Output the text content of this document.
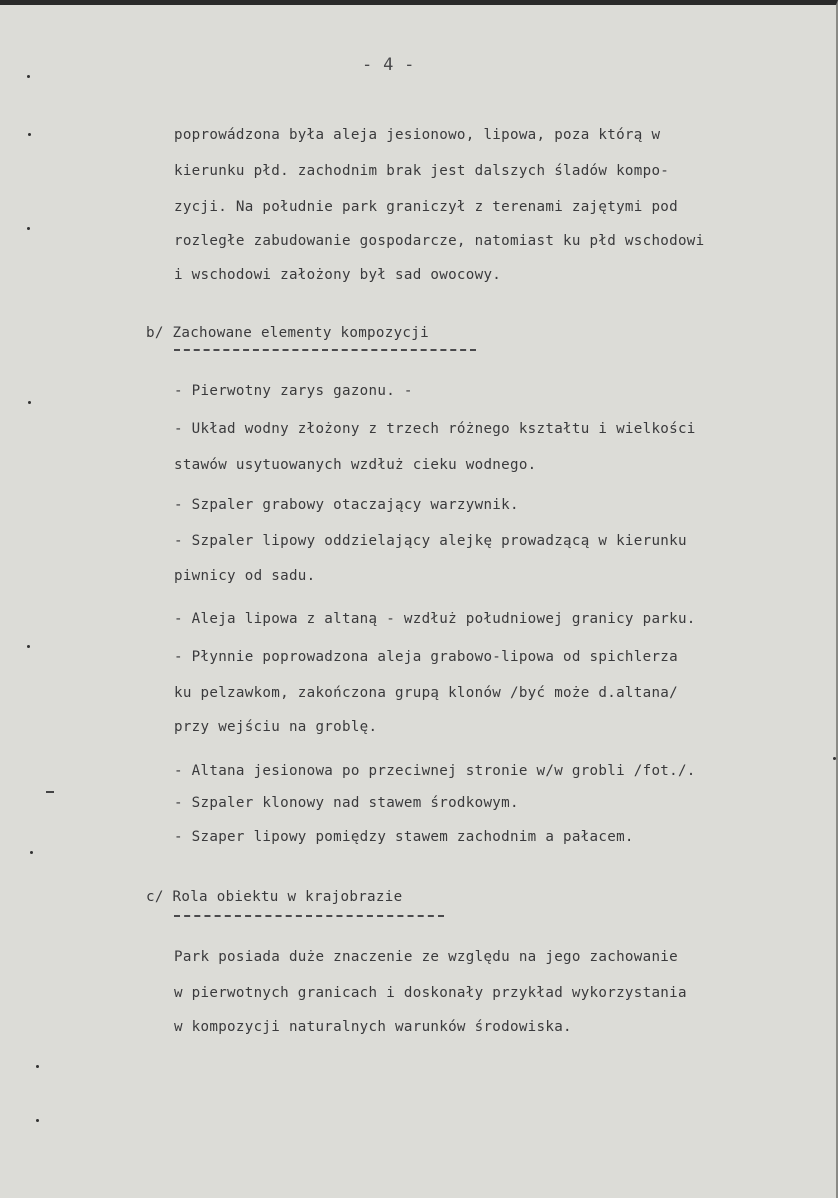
- 4 -
poprowádzona była aleja jesionowo, lipowa, poza którą w
kierunku płd. zachodnim brak jest dalszych śladów kompo-
zycji. Na południe park graniczył z terenami zajętymi pod
rozległe zabudowanie gospodarcze, natomiast ku płd wschodowi
i wschodowi założony był sad owocowy.
b/ Zachowane elementy kompozycji
- Pierwotny zarys gazonu. -
- Układ wodny złożony z trzech różnego kształtu i wielkości
stawów usytuowanych wzdłuż cieku wodnego.
- Szpaler grabowy otaczający warzywnik.
- Szpaler lipowy oddzielający alejkę prowadzącą w kierunku
piwnicy od sadu.
- Aleja lipowa z altaną - wzdłuż południowej granicy parku.
- Płynnie poprowadzona aleja grabowo-lipowa od spichlerza
ku pelzawkom, zakończona grupą klonów /być może d.altana/
przy wejściu na groblę.
- Altana jesionowa po przeciwnej stronie w/w grobli /fot./.
- Szpaler klonowy nad stawem środkowym.
- Szaper lipowy pomiędzy stawem zachodnim a pałacem.
c/ Rola obiektu w krajobrazie
Park posiada duże znaczenie ze względu na jego zachowanie
w pierwotnych granicach i doskonały przykład wykorzystania
w kompozycji naturalnych warunków środowiska.
